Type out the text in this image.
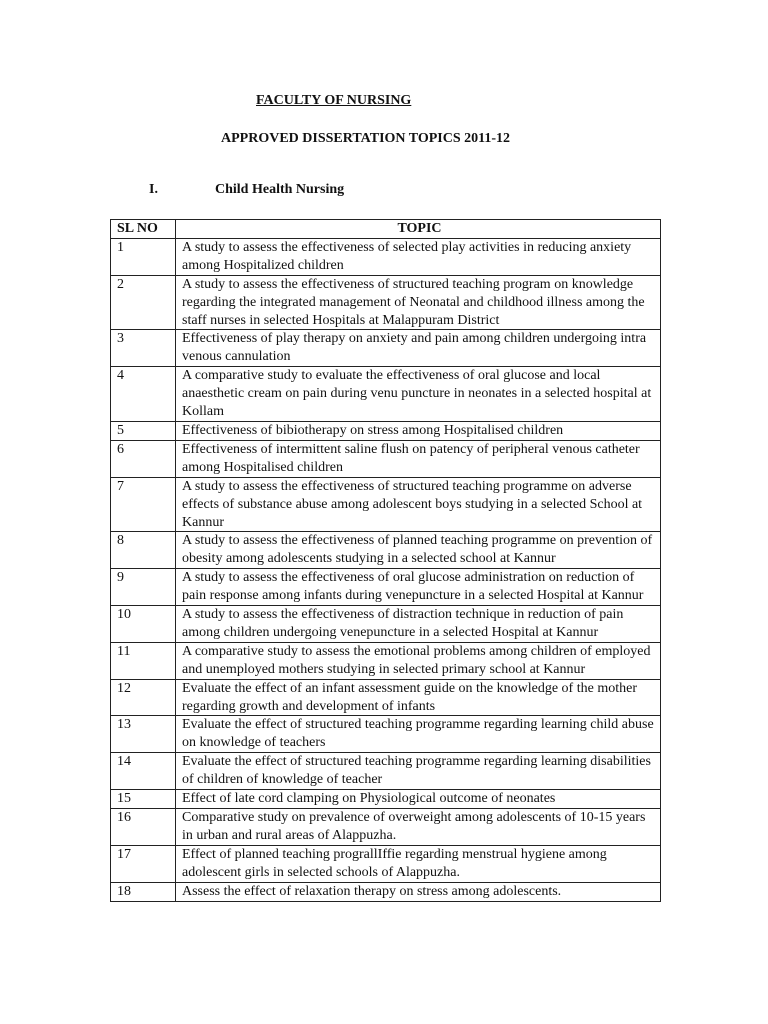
FACULTY OF NURSING

APPROVED DISSERTATION TOPICS 2011-12

I.	Child Health Nursing

SL NO	TOPIC
1	A study to assess the effectiveness of selected play activities in reducing anxiety among Hospitalized children
2	A study to assess the effectiveness of structured teaching program on knowledge regarding the integrated management of Neonatal and childhood illness among the staff nurses in selected Hospitals at Malappuram District
3	Effectiveness of play therapy on anxiety and pain among children undergoing intra venous cannulation
4	A comparative study to evaluate the effectiveness of oral glucose and local anaesthetic cream on pain during venu puncture in neonates in a selected hospital at Kollam
5	Effectiveness of bibiotherapy on stress among Hospitalised children
6	Effectiveness of intermittent saline flush on patency of peripheral venous catheter among Hospitalised children
7	A study to assess the effectiveness of structured teaching programme on adverse effects of substance abuse among adolescent boys studying in a selected School at Kannur
8	A study to assess the effectiveness of planned teaching programme on prevention of obesity among adolescents studying in a selected school at Kannur
9	A study to assess the effectiveness of oral glucose administration on reduction of pain response among infants during venepuncture in a selected Hospital at Kannur
10	A study to assess the effectiveness of distraction technique in reduction of pain among children undergoing venepuncture in a selected Hospital at Kannur
11	A comparative study to assess the emotional problems among children of employed and unemployed mothers studying in selected primary school at Kannur
12	Evaluate the effect of an infant assessment guide on the knowledge of the mother regarding growth and development of infants
13	Evaluate the effect of structured teaching programme regarding learning child abuse on knowledge of teachers
14	Evaluate the effect of structured teaching programme regarding learning disabilities of children of knowledge of teacher
15	Effect of late cord clamping on Physiological outcome of neonates
16	Comparative study on prevalence of overweight among adolescents of 10-15 years in urban and rural areas of Alappuzha.
17	Effect of planned teaching prograllIffie regarding menstrual hygiene among adolescent girls in selected schools of Alappuzha.
18	Assess the effect of relaxation therapy on stress among adolescents.
